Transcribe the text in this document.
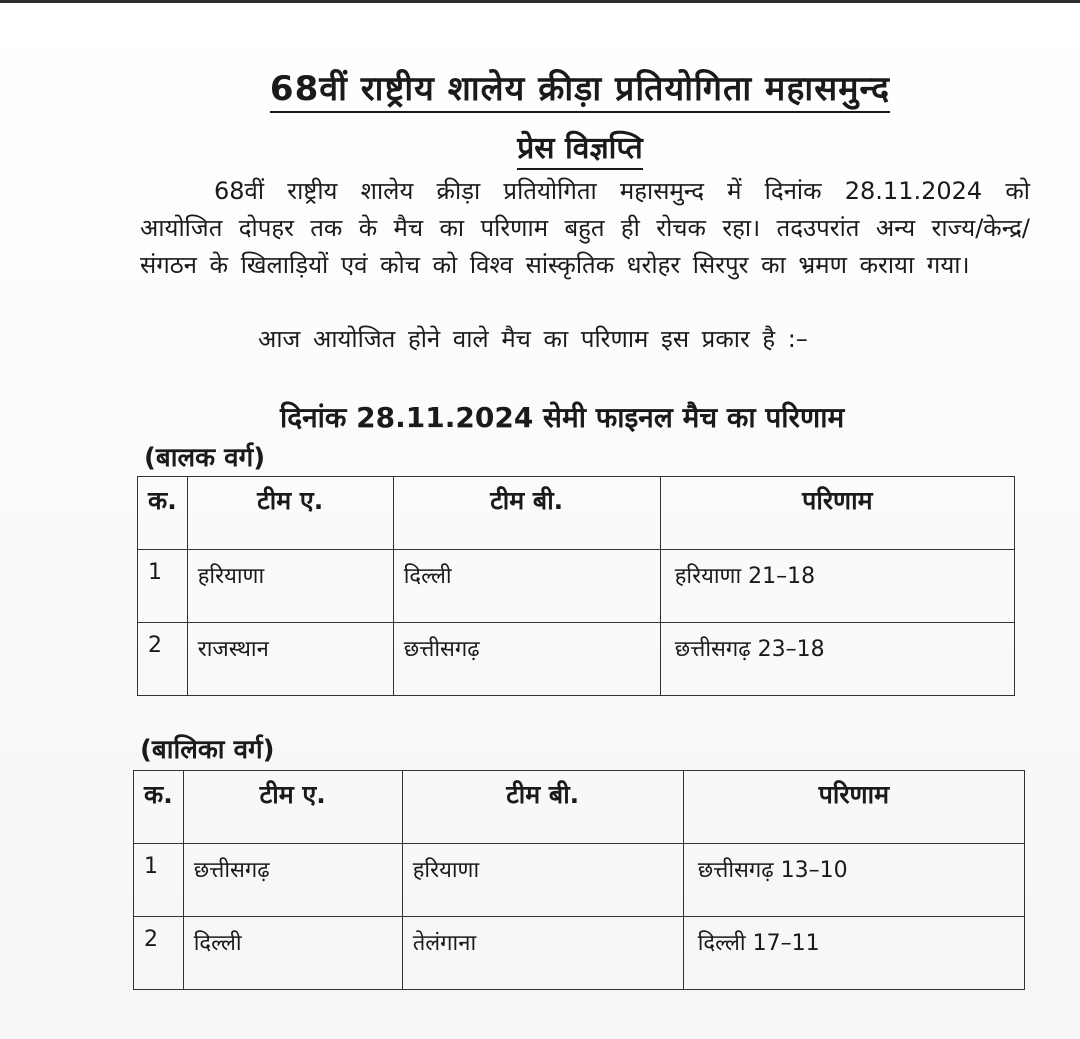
68वीं राष्ट्रीय शालेय क्रीड़ा प्रतियोगिता महासमुन्द
प्रेस विज्ञप्ति
68वीं राष्ट्रीय शालेय क्रीड़ा प्रतियोगिता महासमुन्द में दिनांक 28.11.2024 को आयोजित दोपहर तक के मैच का परिणाम बहुत ही रोचक रहा। तदउपरांत अन्य राज्य/केन्द्र/संगठन के खिलाड़ियों एवं कोच को विश्व सांस्कृतिक धरोहर सिरपुर का भ्रमण कराया गया।
आज आयोजित होने वाले मैच का परिणाम इस प्रकार है :–
दिनांक 28.11.2024 सेमी फाइनल मैच का परिणाम
(बालक वर्ग)
क.	टीम ए.	टीम बी.	परिणाम
1	हरियाणा	दिल्ली	हरियाणा 21–18
2	राजस्थान	छत्तीसगढ़	छत्तीसगढ़ 23–18
(बालिका वर्ग)
क.	टीम ए.	टीम बी.	परिणाम
1	छत्तीसगढ़	हरियाणा	छत्तीसगढ़ 13–10
2	दिल्ली	तेलंगाना	दिल्ली 17–11
